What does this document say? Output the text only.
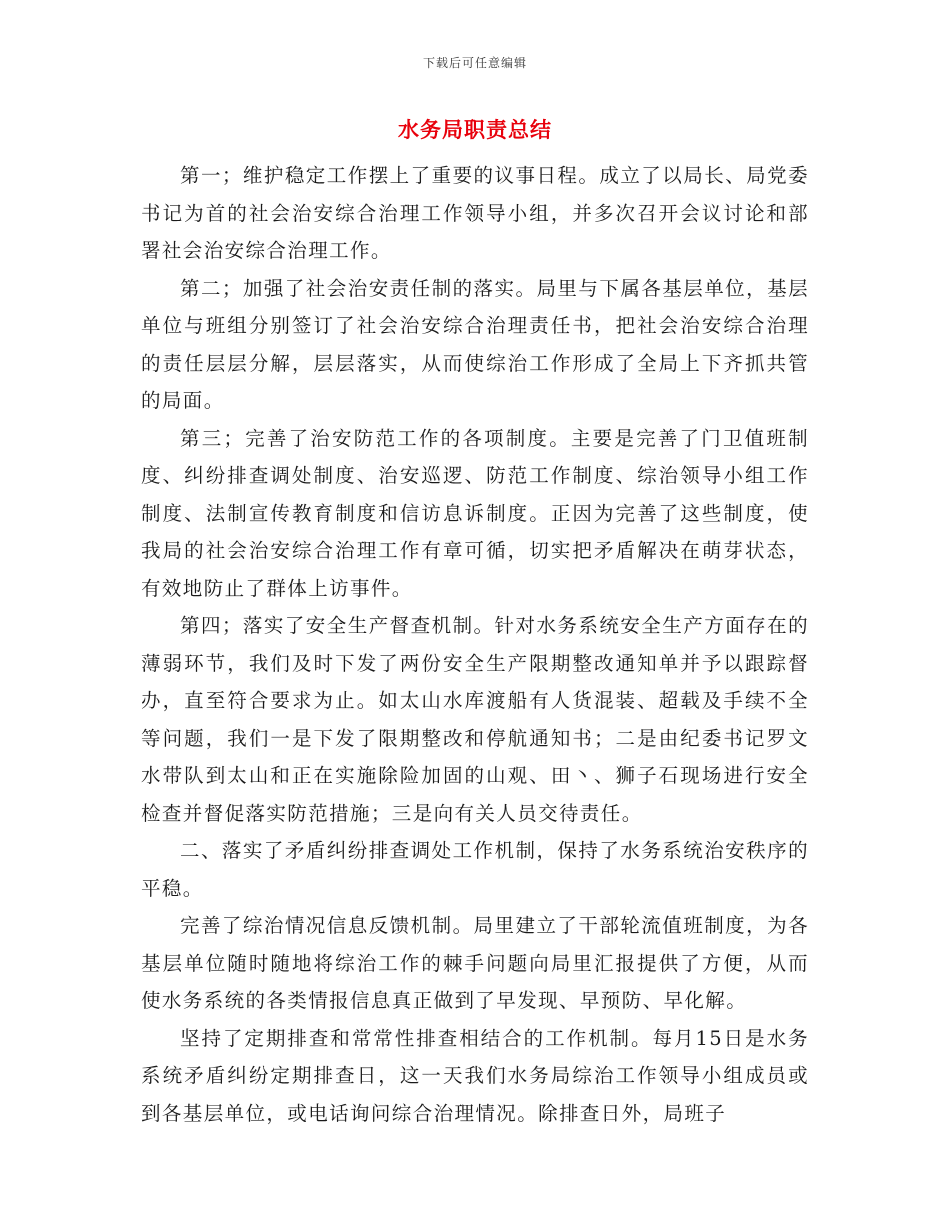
下载后可任意编辑
水务局职责总结

第一；维护稳定工作摆上了重要的议事日程。成立了以局长、局党委书记为首的社会治安综合治理工作领导小组，并多次召开会议讨论和部署社会治安综合治理工作。

第二；加强了社会治安责任制的落实。局里与下属各基层单位，基层单位与班组分别签订了社会治安综合治理责任书，把社会治安综合治理的责任层层分解，层层落实，从而使综治工作形成了全局上下齐抓共管的局面。

第三；完善了治安防范工作的各项制度。主要是完善了门卫值班制度、纠纷排查调处制度、治安巡逻、防范工作制度、综治领导小组工作制度、法制宣传教育制度和信访息诉制度。正因为完善了这些制度，使我局的社会治安综合治理工作有章可循，切实把矛盾解决在萌芽状态，有效地防止了群体上访事件。

第四；落实了安全生产督查机制。针对水务系统安全生产方面存在的薄弱环节，我们及时下发了两份安全生产限期整改通知单并予以跟踪督办，直至符合要求为止。如太山水库渡船有人货混装、超载及手续不全等问题，我们一是下发了限期整改和停航通知书；二是由纪委书记罗文水带队到太山和正在实施除险加固的山观、田丶、狮子石现场进行安全检查并督促落实防范措施；三是向有关人员交待责任。

二、落实了矛盾纠纷排查调处工作机制，保持了水务系统治安秩序的平稳。

完善了综治情况信息反馈机制。局里建立了干部轮流值班制度，为各基层单位随时随地将综治工作的棘手问题向局里汇报提供了方便，从而使水务系统的各类情报信息真正做到了早发现、早预防、早化解。

坚持了定期排查和常常性排查相结合的工作机制。每月15日是水务系统矛盾纠纷定期排查日，这一天我们水务局综治工作领导小组成员或到各基层单位，或电话询问综合治理情况。除排查日外，局班子
